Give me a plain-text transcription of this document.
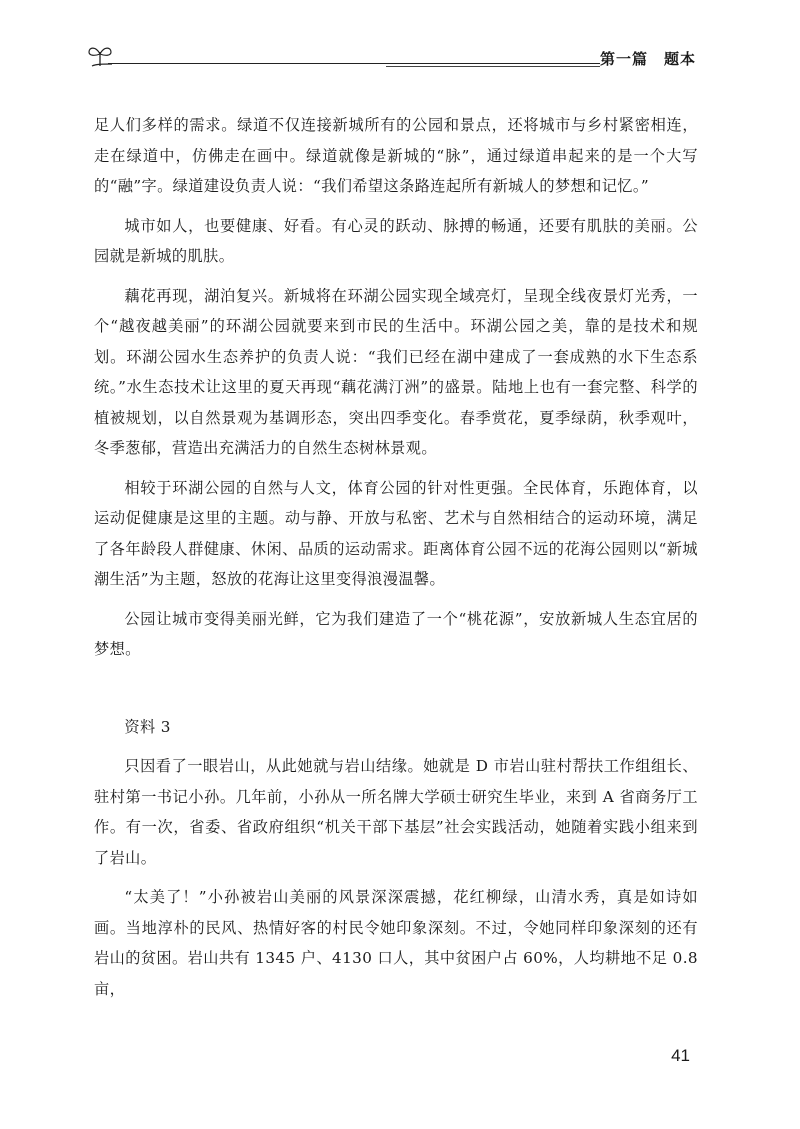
第一篇　题本

足人们多样的需求。绿道不仅连接新城所有的公园和景点，还将城市与乡村紧密相连，走在绿道中，仿佛走在画中。绿道就像是新城的“脉”，通过绿道串起来的是一个大写的“融”字。绿道建设负责人说：“我们希望这条路连起所有新城人的梦想和记忆。”

城市如人，也要健康、好看。有心灵的跃动、脉搏的畅通，还要有肌肤的美丽。公园就是新城的肌肤。

藕花再现，湖泊复兴。新城将在环湖公园实现全域亮灯，呈现全线夜景灯光秀，一个“越夜越美丽”的环湖公园就要来到市民的生活中。环湖公园之美，靠的是技术和规划。环湖公园水生态养护的负责人说：“我们已经在湖中建成了一套成熟的水下生态系统。”水生态技术让这里的夏天再现“藕花满汀洲”的盛景。陆地上也有一套完整、科学的植被规划，以自然景观为基调形态，突出四季变化。春季赏花，夏季绿荫，秋季观叶，冬季葱郁，营造出充满活力的自然生态树林景观。

相较于环湖公园的自然与人文，体育公园的针对性更强。全民体育，乐跑体育，以运动促健康是这里的主题。动与静、开放与私密、艺术与自然相结合的运动环境，满足了各年龄段人群健康、休闲、品质的运动需求。距离体育公园不远的花海公园则以“新城潮生活”为主题，怒放的花海让这里变得浪漫温馨。

公园让城市变得美丽光鲜，它为我们建造了一个“桃花源”，安放新城人生态宜居的梦想。

资料 3

只因看了一眼岩山，从此她就与岩山结缘。她就是 D 市岩山驻村帮扶工作组组长、驻村第一书记小孙。几年前，小孙从一所名牌大学硕士研究生毕业，来到 A 省商务厅工作。有一次，省委、省政府组织“机关干部下基层”社会实践活动，她随着实践小组来到了岩山。

“太美了！”小孙被岩山美丽的风景深深震撼，花红柳绿，山清水秀，真是如诗如画。当地淳朴的民风、热情好客的村民令她印象深刻。不过，令她同样印象深刻的还有岩山的贫困。岩山共有 1345 户、4130 口人，其中贫困户占 60%，人均耕地不足 0.8 亩，

41
